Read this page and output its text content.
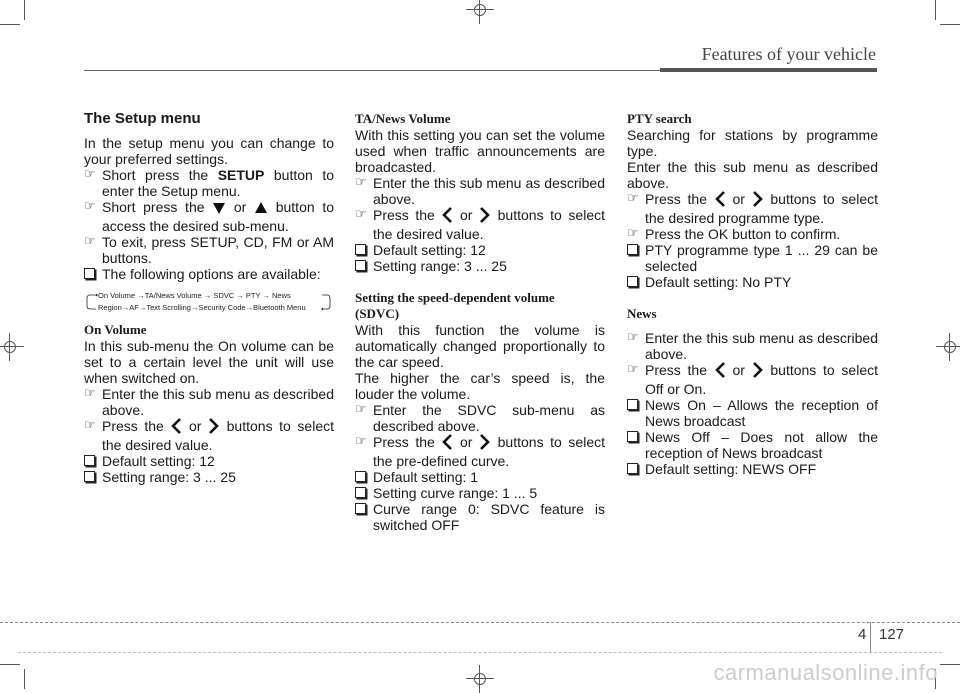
Features of your vehicle
The Setup menu

In the setup menu you can change to your preferred settings.

☞ Short press the SETUP button to enter the Setup menu.
☞ Short press the  or  button to access the desired sub-menu.
☞ To exit, press SETUP, CD, FM or AM buttons.
The following options are available:
On Volume →TA/News Volume → SDVC → PTY → News
Region→AF→Text Scrolling→Security Code→Bluetooth Menu
On Volume

In this sub-menu the On volume can be set to a certain level the unit will use when switched on.

☞ Enter the this sub menu as described above.
☞ Press the  or  buttons to select the desired value.
Default setting: 12
Setting range: 3 ... 25
TA/News Volume

With this setting you can set the volume used when traffic announcements are broadcasted.

☞ Enter the this sub menu as described above.
☞ Press the  or  buttons to select the desired value.
Default setting: 12
Setting range: 3 ... 25
Setting the speed-dependent volume
(SDVC)

With this function the volume is automatically changed proportionally to the car speed.

The higher the car’s speed is, the louder the volume.

☞ Enter the SDVC sub-menu as described above.
☞ Press the  or  buttons to select the pre-defined curve.
Default setting: 1
Setting curve range: 1 ... 5
Curve range 0: SDVC feature is switched OFF
PTY search

Searching for stations by programme type.

Enter the this sub menu as described above.

☞ Press the  or  buttons to select the desired programme type.
☞ Press the OK button to confirm.
PTY programme type 1 ... 29 can be selected
Default setting: No PTY
News
☞ Enter the this sub menu as described above.
☞ Press the  or  buttons to select Off or On.
News On – Allows the reception of News broadcast
News Off – Does not allow the reception of News broadcast
Default setting: NEWS OFF
4 127
carmanualsonline.info
